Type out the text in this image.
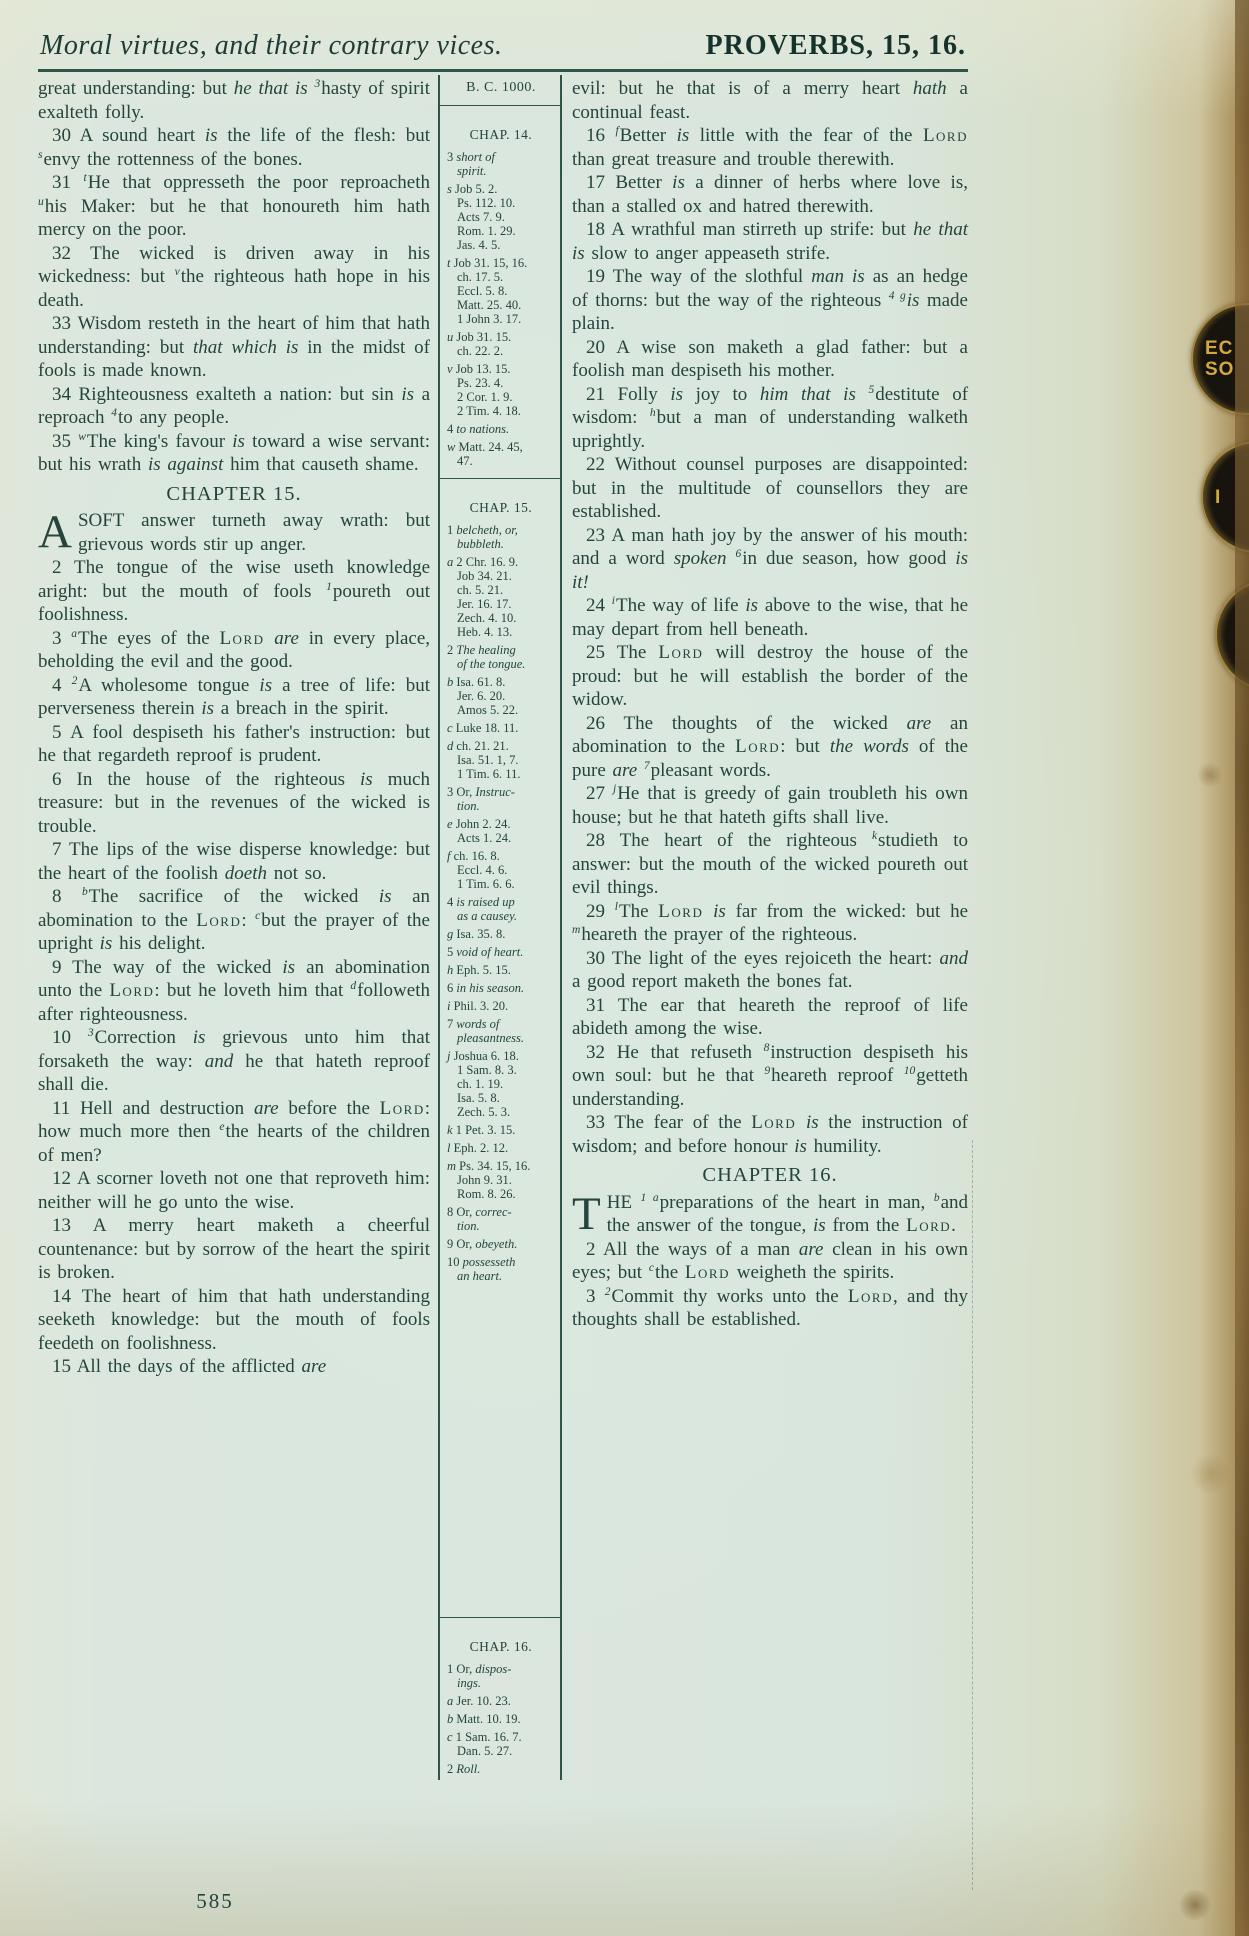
Moral virtues, and their contrary vices.	PROVERBS, 15, 16.

great understanding: but he that is $^3$hasty of spirit exalteth folly.

30 A sound heart is the life of the flesh: but $^s$envy the rottenness of the bones.

31 $^t$He that oppresseth the poor reproacheth $^u$his Maker: but he that honoureth him hath mercy on the poor.

32 The wicked is driven away in his wickedness: but $^v$the righteous hath hope in his death.

33 Wisdom resteth in the heart of him that hath understanding: but that which is in the midst of fools is made known.

34 Righteousness exalteth a nation: but sin is a reproach $^4$to any people.

35 $^w$The king's favour is toward a wise servant: but his wrath is against him that causeth shame.

CHAPTER 15.

ASOFT answer turneth away wrath: but grievous words stir up anger.

2 The tongue of the wise useth knowledge aright: but the mouth of fools $^1$poureth out foolishness.

3 $^a$The eyes of the Lord are in every place, beholding the evil and the good.

4 $^2$A wholesome tongue is a tree of life: but perverseness therein is a breach in the spirit.

5 A fool despiseth his father's instruction: but he that regardeth reproof is prudent.

6 In the house of the righteous is much treasure: but in the revenues of the wicked is trouble.

7 The lips of the wise disperse knowledge: but the heart of the foolish doeth not so.

8 $^b$The sacrifice of the wicked is an abomination to the Lord: $^c$but the prayer of the upright is his delight.

9 The way of the wicked is an abomination unto the Lord: but he loveth him that $^d$followeth after righteousness.

10 $^3$Correction is grievous unto him that forsaketh the way: and he that hateth reproof shall die.

11 Hell and destruction are before the Lord: how much more then $^e$the hearts of the children of men?

12 A scorner loveth not one that reproveth him: neither will he go unto the wise.

13 A merry heart maketh a cheerful countenance: but by sorrow of the heart the spirit is broken.

14 The heart of him that hath understanding seeketh knowledge: but the mouth of fools feedeth on foolishness.

15 All the days of the afflicted are

B. C. 1000.
CHAP. 14.
3 short of
spirit.
s Job 5. 2.
Ps. 112. 10.
Acts 7. 9.
Rom. 1. 29.
Jas. 4. 5.
t Job 31. 15, 16.
ch. 17. 5.
Eccl. 5. 8.
Matt. 25. 40.
1 John 3. 17.
u Job 31. 15.
ch. 22. 2.
v Job 13. 15.
Ps. 23. 4.
2 Cor. 1. 9.
2 Tim. 4. 18.
4 to nations.
w Matt. 24. 45,
47.
CHAP. 15.
1 belcheth, or,
bubbleth.
a 2 Chr. 16. 9.
Job 34. 21.
ch. 5. 21.
Jer. 16. 17.
Zech. 4. 10.
Heb. 4. 13.
2 The healing
of the tongue.
b Isa. 61. 8.
Jer. 6. 20.
Amos 5. 22.
c Luke 18. 11.
d ch. 21. 21.
Isa. 51. 1, 7.
1 Tim. 6. 11.
3 Or, Instruc-
tion.
e John 2. 24.
Acts 1. 24.
f ch. 16. 8.
Eccl. 4. 6.
1 Tim. 6. 6.
4 is raised up
as a causey.
g Isa. 35. 8.
5 void of heart.
h Eph. 5. 15.
6 in his season.
i Phil. 3. 20.
7 words of
pleasantness.
j Joshua 6. 18.
1 Sam. 8. 3.
ch. 1. 19.
Isa. 5. 8.
Zech. 5. 3.
k 1 Pet. 3. 15.
l Eph. 2. 12.
m Ps. 34. 15, 16.
John 9. 31.
Rom. 8. 26.
8 Or, correc-
tion.
9 Or, obeyeth.
10 possesseth
an heart.
CHAP. 16.
1 Or, dispos-
ings.
a Jer. 10. 23.
b Matt. 10. 19.
c 1 Sam. 16. 7.
Dan. 5. 27.
2 Roll.

evil: but he that is of a merry heart hath a continual feast.

16 $^f$Better is little with the fear of the Lord than great treasure and trouble therewith.

17 Better is a dinner of herbs where love is, than a stalled ox and hatred therewith.

18 A wrathful man stirreth up strife: but he that is slow to anger appeaseth strife.

19 The way of the slothful man is as an hedge of thorns: but the way of the righteous $^{4 g}$is made plain.

20 A wise son maketh a glad father: but a foolish man despiseth his mother.

21 Folly is joy to him that is $^5$destitute of wisdom: $^h$but a man of understanding walketh uprightly.

22 Without counsel purposes are disappointed: but in the multitude of counsellors they are established.

23 A man hath joy by the answer of his mouth: and a word spoken $^6$in due season, how good is it!

24 $^i$The way of life is above to the wise, that he may depart from hell beneath.

25 The Lord will destroy the house of the proud: but he will establish the border of the widow.

26 The thoughts of the wicked are an abomination to the Lord: but the words of the pure are $^7$pleasant words.

27 $^j$He that is greedy of gain troubleth his own house; but he that hateth gifts shall live.

28 The heart of the righteous $^k$studieth to answer: but the mouth of the wicked poureth out evil things.

29 $^l$The Lord is far from the wicked: but he $^m$heareth the prayer of the righteous.

30 The light of the eyes rejoiceth the heart: and a good report maketh the bones fat.

31 The ear that heareth the reproof of life abideth among the wise.

32 He that refuseth $^8$instruction despiseth his own soul: but he that $^9$heareth reproof $^{10}$getteth understanding.

33 The fear of the Lord is the instruction of wisdom; and before honour is humility.

CHAPTER 16.

THE $^{1 a}$preparations of the heart in man, $^b$and the answer of the tongue, is from the Lord.

2 All the ways of a man are clean in his own eyes; but $^c$the Lord weigheth the spirits.

3 $^2$Commit thy works unto the Lord, and thy thoughts shall be established.

585
EC
SO
I
